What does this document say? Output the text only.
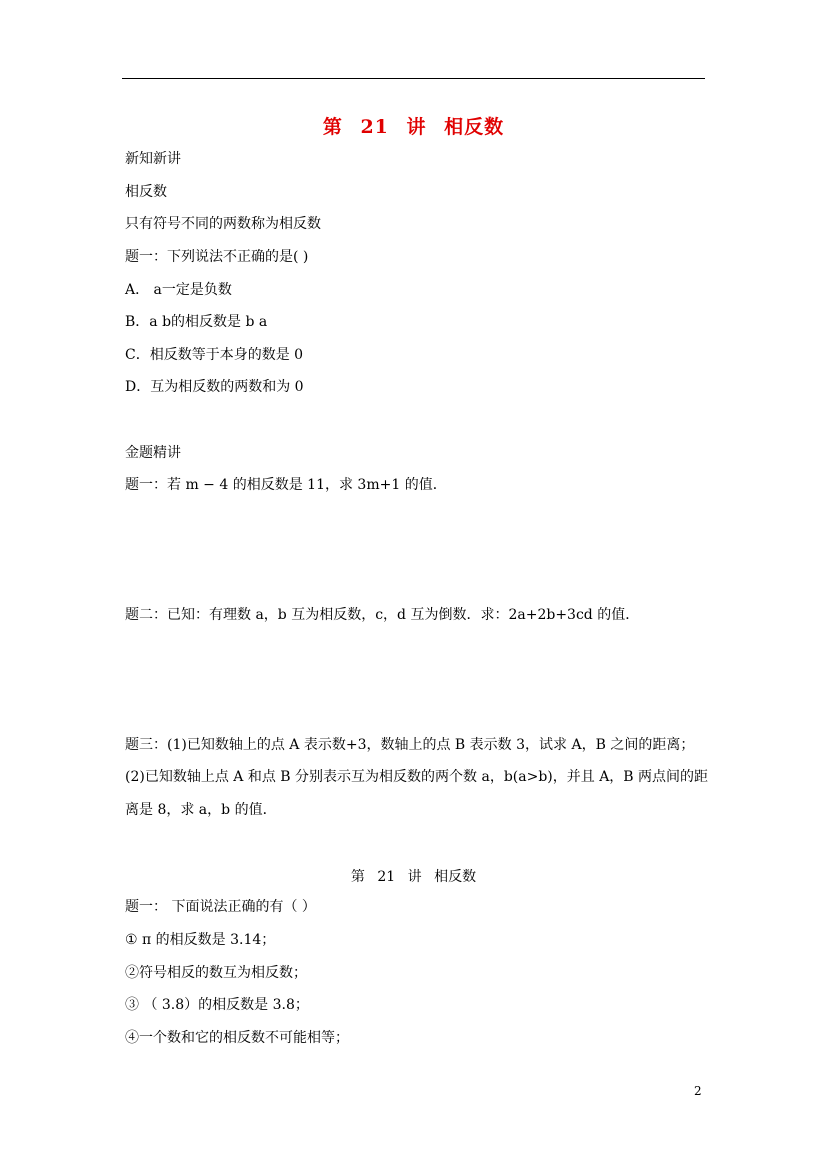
第 21 讲 相反数
新知新讲
相反数
只有符号不同的两数称为相反数
题一：下列说法不正确的是( )
A． a一定是负数
B．a b的相反数是 b a
C．相反数等于本身的数是 0
D．互为相反数的两数和为 0
金题精讲
题一：若 m − 4 的相反数是 11，求 3m+1 的值．
题二：已知：有理数 a，b 互为相反数，c，d 互为倒数．求：2a+2b+3cd 的值．
题三：(1)已知数轴上的点 A 表示数+3，数轴上的点 B 表示数 3，试求 A，B 之间的距离；
(2)已知数轴上点 A 和点 B 分别表示互为相反数的两个数 a，b(a>b)，并且 A，B 两点间的距
离是 8，求 a，b 的值．
第 21 讲 相反数
题一： 下面说法正确的有（ ）
① π 的相反数是 3.14；
②符号相反的数互为相反数；
③ （ 3.8）的相反数是 3.8；
④一个数和它的相反数不可能相等；
2
